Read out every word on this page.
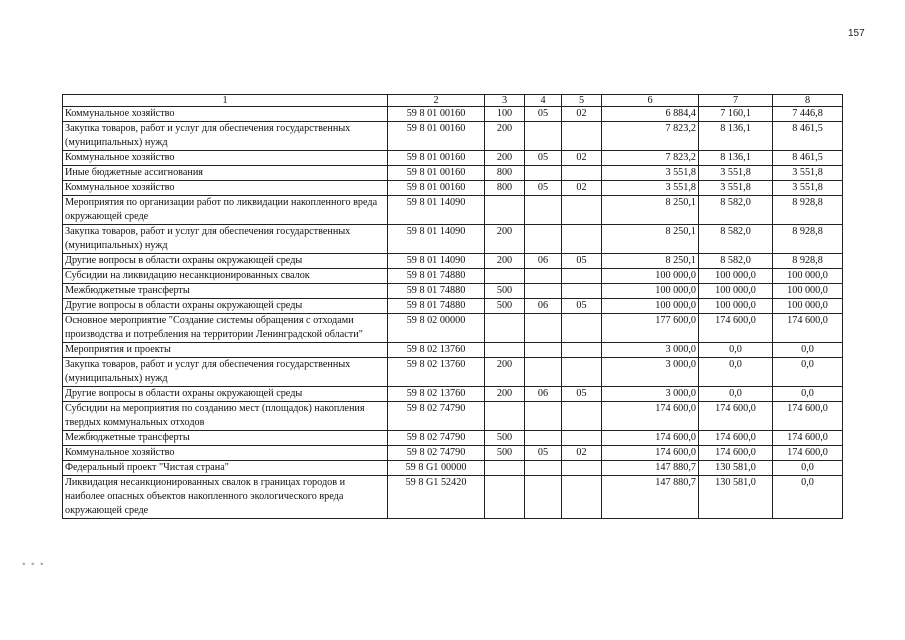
157
1	2	3	4	5	6	7	8
Коммунальное хозяйство	59 8 01 00160	100	05	02	6 884,4	7 160,1	7 446,8
Закупка товаров, работ и услуг для обеспечения государственных (муниципальных) нужд	59 8 01 00160	200			7 823,2	8 136,1	8 461,5
Коммунальное хозяйство	59 8 01 00160	200	05	02	7 823,2	8 136,1	8 461,5
Иные бюджетные ассигнования	59 8 01 00160	800			3 551,8	3 551,8	3 551,8
Коммунальное хозяйство	59 8 01 00160	800	05	02	3 551,8	3 551,8	3 551,8
Мероприятия по организации работ по ликвидации накопленного вреда окружающей среде	59 8 01 14090				8 250,1	8 582,0	8 928,8
Закупка товаров, работ и услуг для обеспечения государственных (муниципальных) нужд	59 8 01 14090	200			8 250,1	8 582,0	8 928,8
Другие вопросы в области охраны окружающей среды	59 8 01 14090	200	06	05	8 250,1	8 582,0	8 928,8
Субсидии на ликвидацию несанкционированных свалок	59 8 01 74880				100 000,0	100 000,0	100 000,0
Межбюджетные трансферты	59 8 01 74880	500			100 000,0	100 000,0	100 000,0
Другие вопросы в области охраны окружающей среды	59 8 01 74880	500	06	05	100 000,0	100 000,0	100 000,0
Основное мероприятие "Создание системы обращения с отходами производства и потребления на территории Ленинградской области"	59 8 02 00000				177 600,0	174 600,0	174 600,0
Мероприятия и проекты	59 8 02 13760				3 000,0	0,0	0,0
Закупка товаров, работ и услуг для обеспечения государственных (муниципальных) нужд	59 8 02 13760	200			3 000,0	0,0	0,0
Другие вопросы в области охраны окружающей среды	59 8 02 13760	200	06	05	3 000,0	0,0	0,0
Субсидии на мероприятия по созданию мест (площадок) накопления твердых коммунальных отходов	59 8 02 74790				174 600,0	174 600,0	174 600,0
Межбюджетные трансферты	59 8 02 74790	500			174 600,0	174 600,0	174 600,0
Коммунальное хозяйство	59 8 02 74790	500	05	02	174 600,0	174 600,0	174 600,0
Федеральный проект "Чистая страна"	59 8 G1 00000				147 880,7	130 581,0	0,0
Ликвидация несанкционированных свалок в границах городов и наиболее опасных объектов накопленного экологического вреда окружающей среде	59 8 G1 52420				147 880,7	130 581,0	0,0
∘ ∘ ∘
